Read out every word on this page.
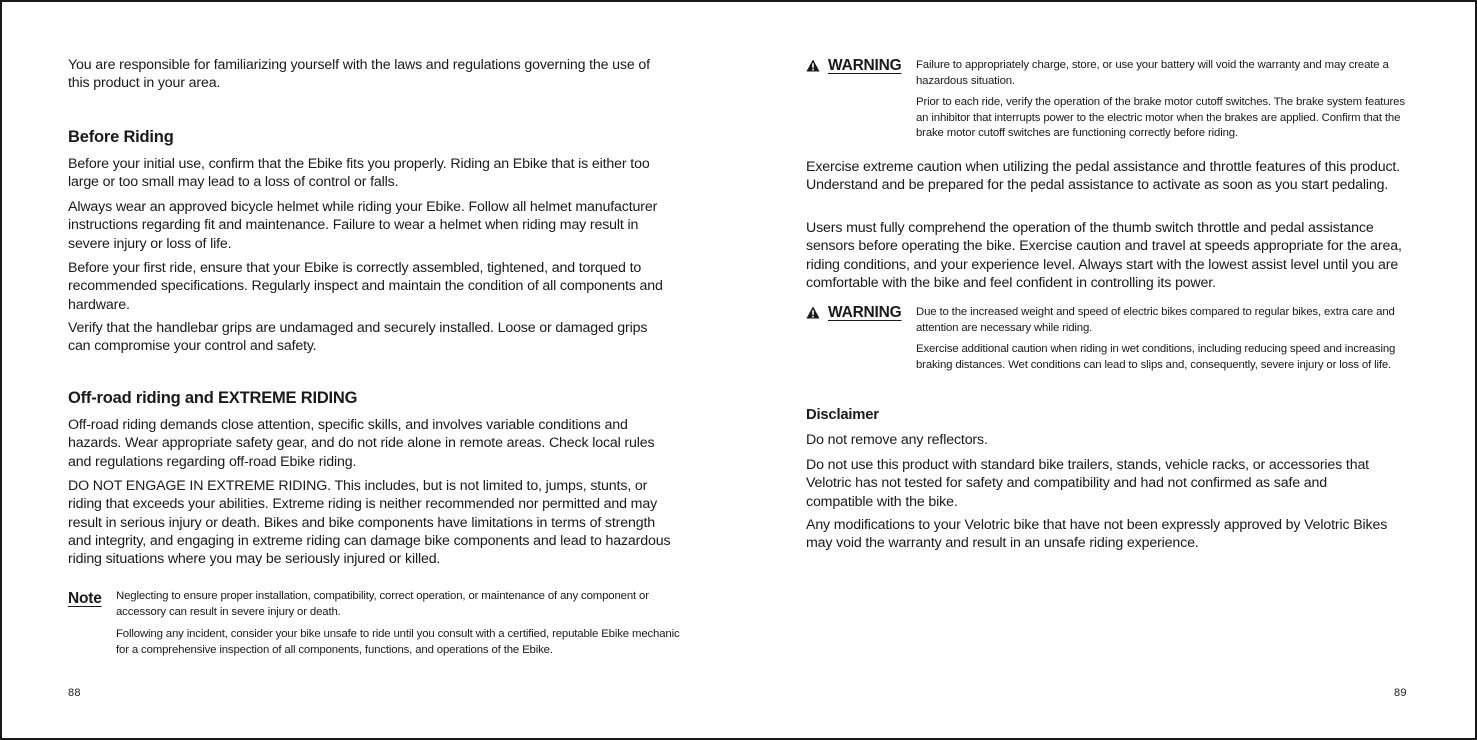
You are responsible for familiarizing yourself with the laws and regulations governing the use of this product in your area.

Before Riding

Before your initial use, confirm that the Ebike fits you properly. Riding an Ebike that is either too large or too small may lead to a loss of control or falls.

Always wear an approved bicycle helmet while riding your Ebike. Follow all helmet manufacturer instructions regarding fit and maintenance. Failure to wear a helmet when riding may result in severe injury or loss of life.

Before your first ride, ensure that your Ebike is correctly assembled, tightened, and torqued to recommended specifications. Regularly inspect and maintain the condition of all components and hardware.

Verify that the handlebar grips are undamaged and securely installed. Loose or damaged grips can compromise your control and safety.

Off-road riding and EXTREME RIDING

Off-road riding demands close attention, specific skills, and involves variable conditions and hazards. Wear appropriate safety gear, and do not ride alone in remote areas. Check local rules and regulations regarding off-road Ebike riding.

DO NOT ENGAGE IN EXTREME RIDING. This includes, but is not limited to, jumps, stunts, or riding that exceeds your abilities. Extreme riding is neither recommended nor permitted and may result in serious injury or death. Bikes and bike components have limitations in terms of strength and integrity, and engaging in extreme riding can damage bike components and lead to hazardous riding situations where you may be seriously injured or killed.

Note Neglecting to ensure proper installation, compatibility, correct operation, or maintenance of any component or accessory can result in severe injury or death.

Following any incident, consider your bike unsafe to ride until you consult with a certified, reputable Ebike mechanic for a comprehensive inspection of all components, functions, and operations of the Ebike.

88
WARNING Failure to appropriately charge, store, or use your battery will void the warranty and may create a hazardous situation.

Prior to each ride, verify the operation of the brake motor cutoff switches. The brake system features an inhibitor that interrupts power to the electric motor when the brakes are applied. Confirm that the brake motor cutoff switches are functioning correctly before riding.

Exercise extreme caution when utilizing the pedal assistance and throttle features of this product. Understand and be prepared for the pedal assistance to activate as soon as you start pedaling.

Users must fully comprehend the operation of the thumb switch throttle and pedal assistance sensors before operating the bike. Exercise caution and travel at speeds appropriate for the area, riding conditions, and your experience level. Always start with the lowest assist level until you are comfortable with the bike and feel confident in controlling its power.

WARNING Due to the increased weight and speed of electric bikes compared to regular bikes, extra care and attention are necessary while riding.

Exercise additional caution when riding in wet conditions, including reducing speed and increasing braking distances. Wet conditions can lead to slips and, consequently, severe injury or loss of life.

Disclaimer

Do not remove any reflectors.

Do not use this product with standard bike trailers, stands, vehicle racks, or accessories that Velotric has not tested for safety and compatibility and had not confirmed as safe and compatible with the bike.

Any modifications to your Velotric bike that have not been expressly approved by Velotric Bikes may void the warranty and result in an unsafe riding experience.

89
